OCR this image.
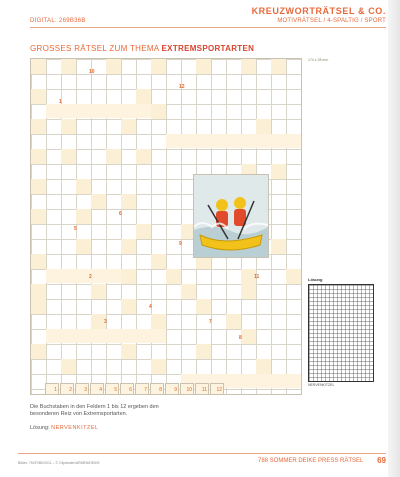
DIGITAL: 269B36B
KREUZWORTRÄTSEL & CO.
MOTIVRÄTSEL / 4-SPALTIG / SPORT
GROSSES RÄTSEL ZUM THEMA EXTREMSPORTARTEN
10
12
1
6
5
9
2
4
3
8
7
11
174 x 28 mm
Lösung
NERVENKITZEL
1	2	3	4	5	6	7	8	9	10	11	12
Die Buchstaben in den Feldern 1 bis 12 ergeben den besonderen Reiz von Extremsportarten.
Lösung: NERVENKITZEL
Bilder: 763F2B0/2011 – © Clipdealer/ARMEN/DEIKE	788 SOMMER DEIKE PRESS RÄTSEL 69
